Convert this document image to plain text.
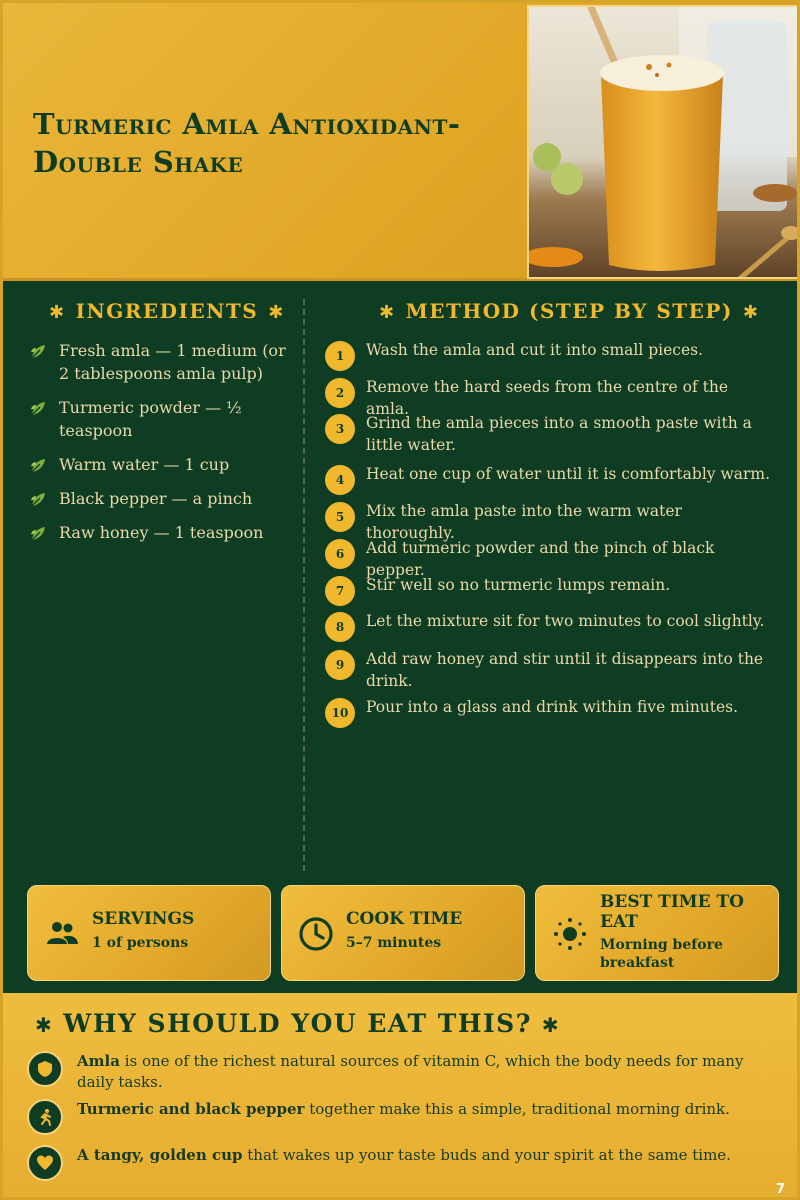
Turmeric Amla Antioxidant-Double Shake
✱ INGREDIENTS ✱
Fresh amla — 1 medium (or 2 tablespoons amla pulp)
Turmeric powder — ½ teaspoon
Warm water — 1 cup
Black pepper — a pinch
Raw honey — 1 teaspoon
✱ METHOD (STEP BY STEP) ✱
1	Wash the amla and cut it into small pieces.
2	Remove the hard seeds from the centre of the amla.
3	Grind the amla pieces into a smooth paste with a little water.
4	Heat one cup of water until it is comfortably warm.
5	Mix the amla paste into the warm water thoroughly.
6	Add turmeric powder and the pinch of black pepper.
7	Stir well so no turmeric lumps remain.
8	Let the mixture sit for two minutes to cool slightly.
9	Add raw honey and stir until it disappears into the drink.
10	Pour into a glass and drink within five minutes.
SERVINGS
1 of persons
COOK TIME
5–7 minutes
BEST TIME TO EAT
Morning before breakfast
✱ WHY SHOULD YOU EAT THIS? ✱
Amla is one of the richest natural sources of vitamin C, which the body needs for many daily tasks.
Turmeric and black pepper together make this a simple, traditional morning drink.
A tangy, golden cup that wakes up your taste buds and your spirit at the same time.
7
